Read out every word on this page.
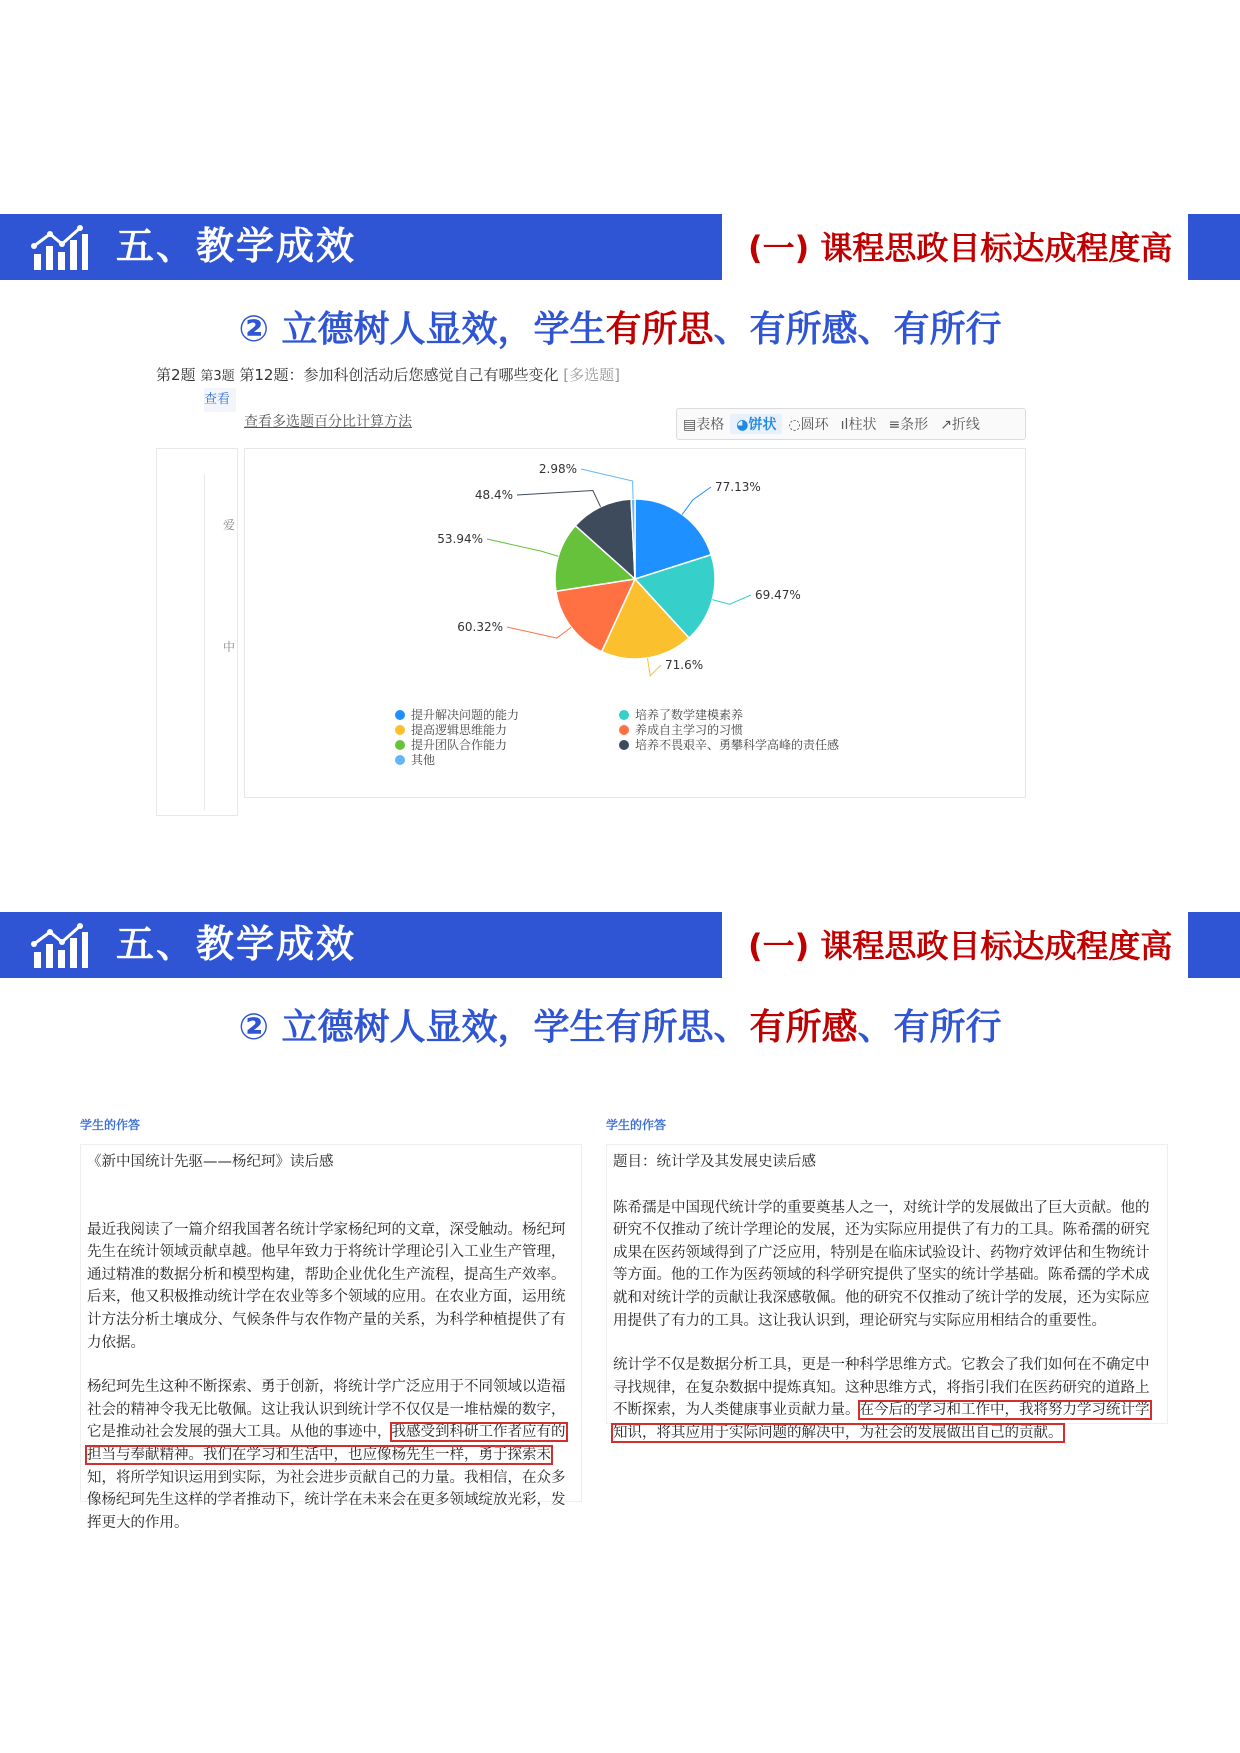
五、教学成效	(一) 课程思政目标达成程度高
② 立德树人显效，学生有所思、有所感、有所行
第2题 第3题 第12题：参加科创活动后您感觉自己有哪些变化 [多选题]
查看
查看多选题百分比计算方法	▤表格 ◕饼状 ◌圆环 ıl柱状 ≡条形 ↗折线
爱
中
77.13%
69.47%
71.6%
60.32%
53.94%
48.4%
2.98%
提升解决问题的能力	培养了数学建模素养
提高逻辑思维能力	养成自主学习的习惯
提升团队合作能力	培养不畏艰辛、勇攀科学高峰的责任感
其他
五、教学成效	(一) 课程思政目标达成程度高
② 立德树人显效，学生有所思、有所感、有所行
学生的作答	学生的作答

《新中国统计先驱——杨纪珂》读后感

最近我阅读了一篇介绍我国著名统计学家杨纪珂的文章，深受触动。杨纪珂先生在统计领域贡献卓越。他早年致力于将统计学理论引入工业生产管理，通过精准的数据分析和模型构建，帮助企业优化生产流程，提高生产效率。后来，他又积极推动统计学在农业等多个领域的应用。在农业方面，运用统计方法分析土壤成分、气候条件与农作物产量的关系，为科学种植提供了有力依据。

杨纪珂先生这种不断探索、勇于创新，将统计学广泛应用于不同领域以造福社会的精神令我无比敬佩。这让我认识到统计学不仅仅是一堆枯燥的数字，它是推动社会发展的强大工具。从他的事迹中，我感受到科研工作者应有的担当与奉献精神。我们在学习和生活中，也应像杨先生一样，勇于探索未知，将所学知识运用到实际，为社会进步贡献自己的力量。我相信，在众多像杨纪珂先生这样的学者推动下，统计学在未来会在更多领域绽放光彩，发挥更大的作用。

题目：统计学及其发展史读后感

陈希孺是中国现代统计学的重要奠基人之一，对统计学的发展做出了巨大贡献。他的研究不仅推动了统计学理论的发展，还为实际应用提供了有力的工具。陈希孺的研究成果在医药领域得到了广泛应用，特别是在临床试验设计、药物疗效评估和生物统计等方面。他的工作为医药领域的科学研究提供了坚实的统计学基础。陈希孺的学术成就和对统计学的贡献让我深感敬佩。他的研究不仅推动了统计学的发展，还为实际应用提供了有力的工具。这让我认识到，理论研究与实际应用相结合的重要性。

统计学不仅是数据分析工具，更是一种科学思维方式。它教会了我们如何在不确定中寻找规律，在复杂数据中提炼真知。这种思维方式，将指引我们在医药研究的道路上不断探索，为人类健康事业贡献力量。在今后的学习和工作中，我将努力学习统计学知识，将其应用于实际问题的解决中，为社会的发展做出自己的贡献。
